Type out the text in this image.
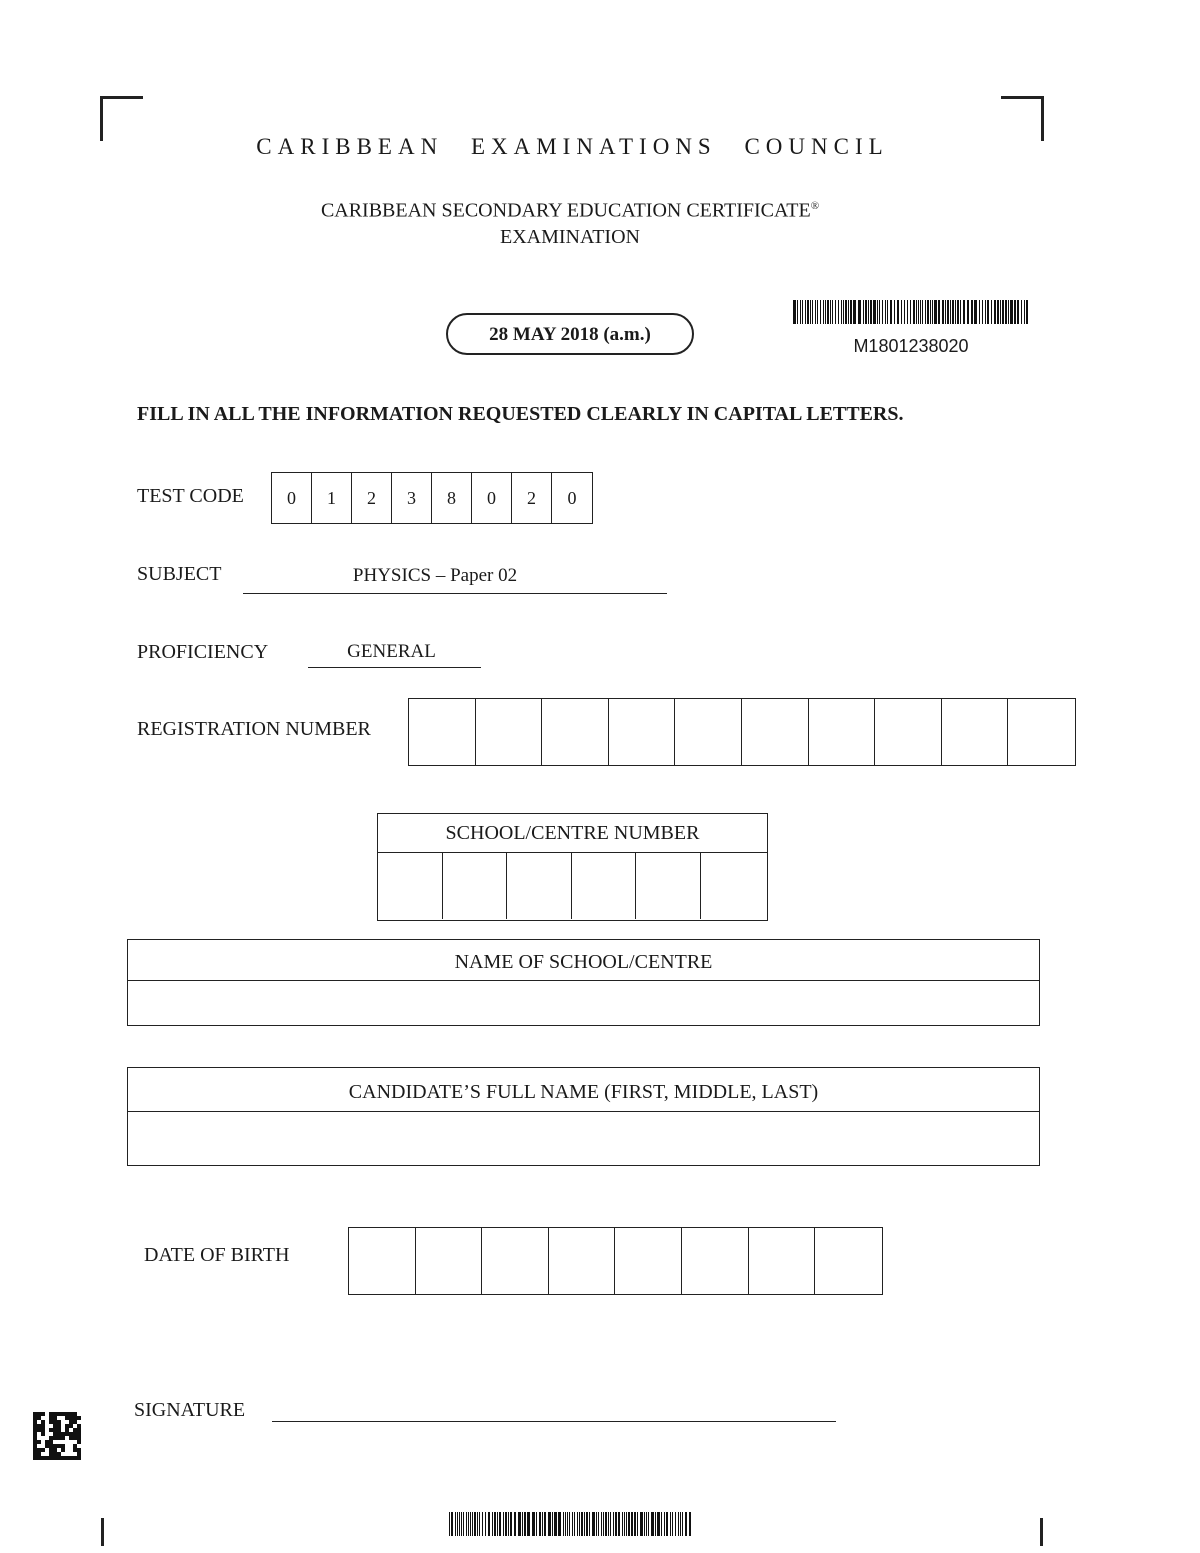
CARIBBEAN EXAMINATIONS COUNCIL
CARIBBEAN SECONDARY EDUCATION CERTIFICATE®
EXAMINATION
28 MAY 2018 (a.m.)
M1801238020
FILL IN ALL THE INFORMATION REQUESTED CLEARLY IN CAPITAL LETTERS.
TEST CODE	0	1	2	3	8	0	2	0
SUBJECT	PHYSICS – Paper 02
PROFICIENCY	GENERAL
REGISTRATION NUMBER
SCHOOL/CENTRE NUMBER
NAME OF SCHOOL/CENTRE
CANDIDATE’S FULL NAME (FIRST, MIDDLE, LAST)
DATE OF BIRTH
SIGNATURE
